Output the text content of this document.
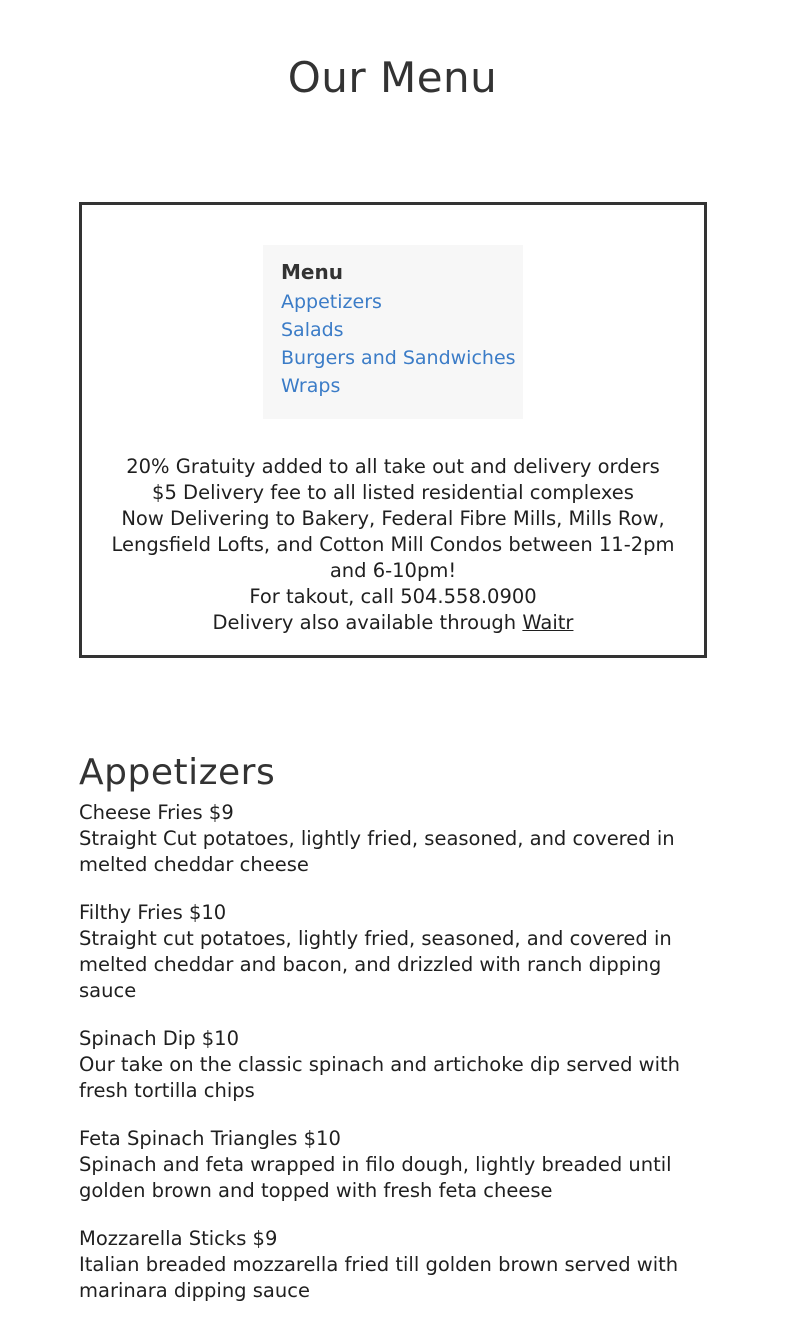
Our Menu
Menu
Appetizers
Salads
Burgers and Sandwiches
Wraps

20% Gratuity added to all take out and delivery orders

$5 Delivery fee to all listed residential complexes

Now Delivering to Bakery, Federal Fibre Mills, Mills Row, Lengsfield Lofts, and Cotton Mill Condos between 11-2pm and 6-10pm!

For takout, call 504.558.0900

Delivery also available through Waitr

Appetizers

Cheese Fries $9

Straight Cut potatoes, lightly fried, seasoned, and covered in melted cheddar cheese

Filthy Fries $10

Straight cut potatoes, lightly fried, seasoned, and covered in melted cheddar and bacon, and drizzled with ranch dipping sauce

Spinach Dip $10

Our take on the classic spinach and artichoke dip served with fresh tortilla chips

Feta Spinach Triangles $10

Spinach and feta wrapped in filo dough, lightly breaded until golden brown and topped with fresh feta cheese

Mozzarella Sticks $9

Italian breaded mozzarella fried till golden brown served with marinara dipping sauce
